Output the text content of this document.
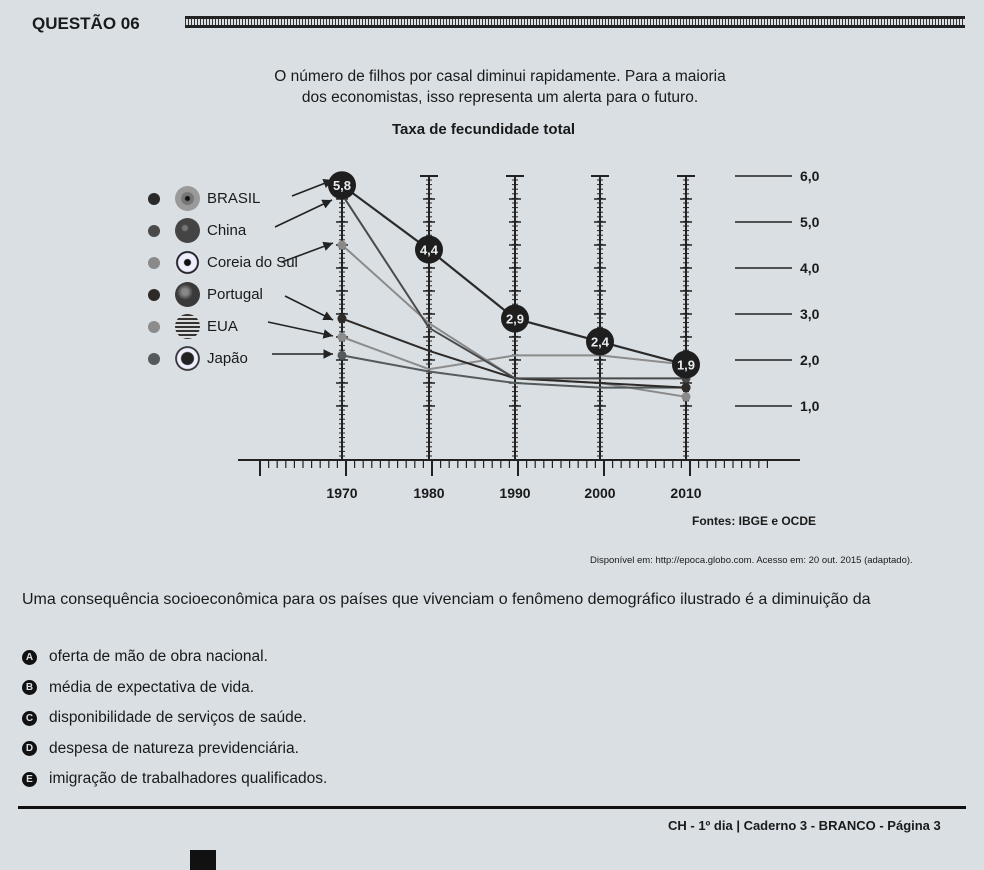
QUESTÃO 06
O número de filhos por casal diminui rapidamente. Para a maioria
dos economistas, isso representa um alerta para o futuro.
Taxa de fecundidade total
1970	1980	1990	2000	2010
6,0
5,0
4,0
3,0
2,0
1,0
5,8
4,4
2,9
2,4
1,9
BRASIL
China
Coreia do Sul
Portugal
EUA
Japão
Fontes: IBGE e OCDE
Disponível em: http://epoca.globo.com. Acesso em: 20 out. 2015 (adaptado).
Uma consequência socioeconômica para os países que vivenciam o fenômeno demográfico ilustrado é a diminuição da
A oferta de mão de obra nacional.
B média de expectativa de vida.
C disponibilidade de serviços de saúde.
D despesa de natureza previdenciária.
E imigração de trabalhadores qualificados.
CH - 1º dia | Caderno 3 - BRANCO - Página 3
